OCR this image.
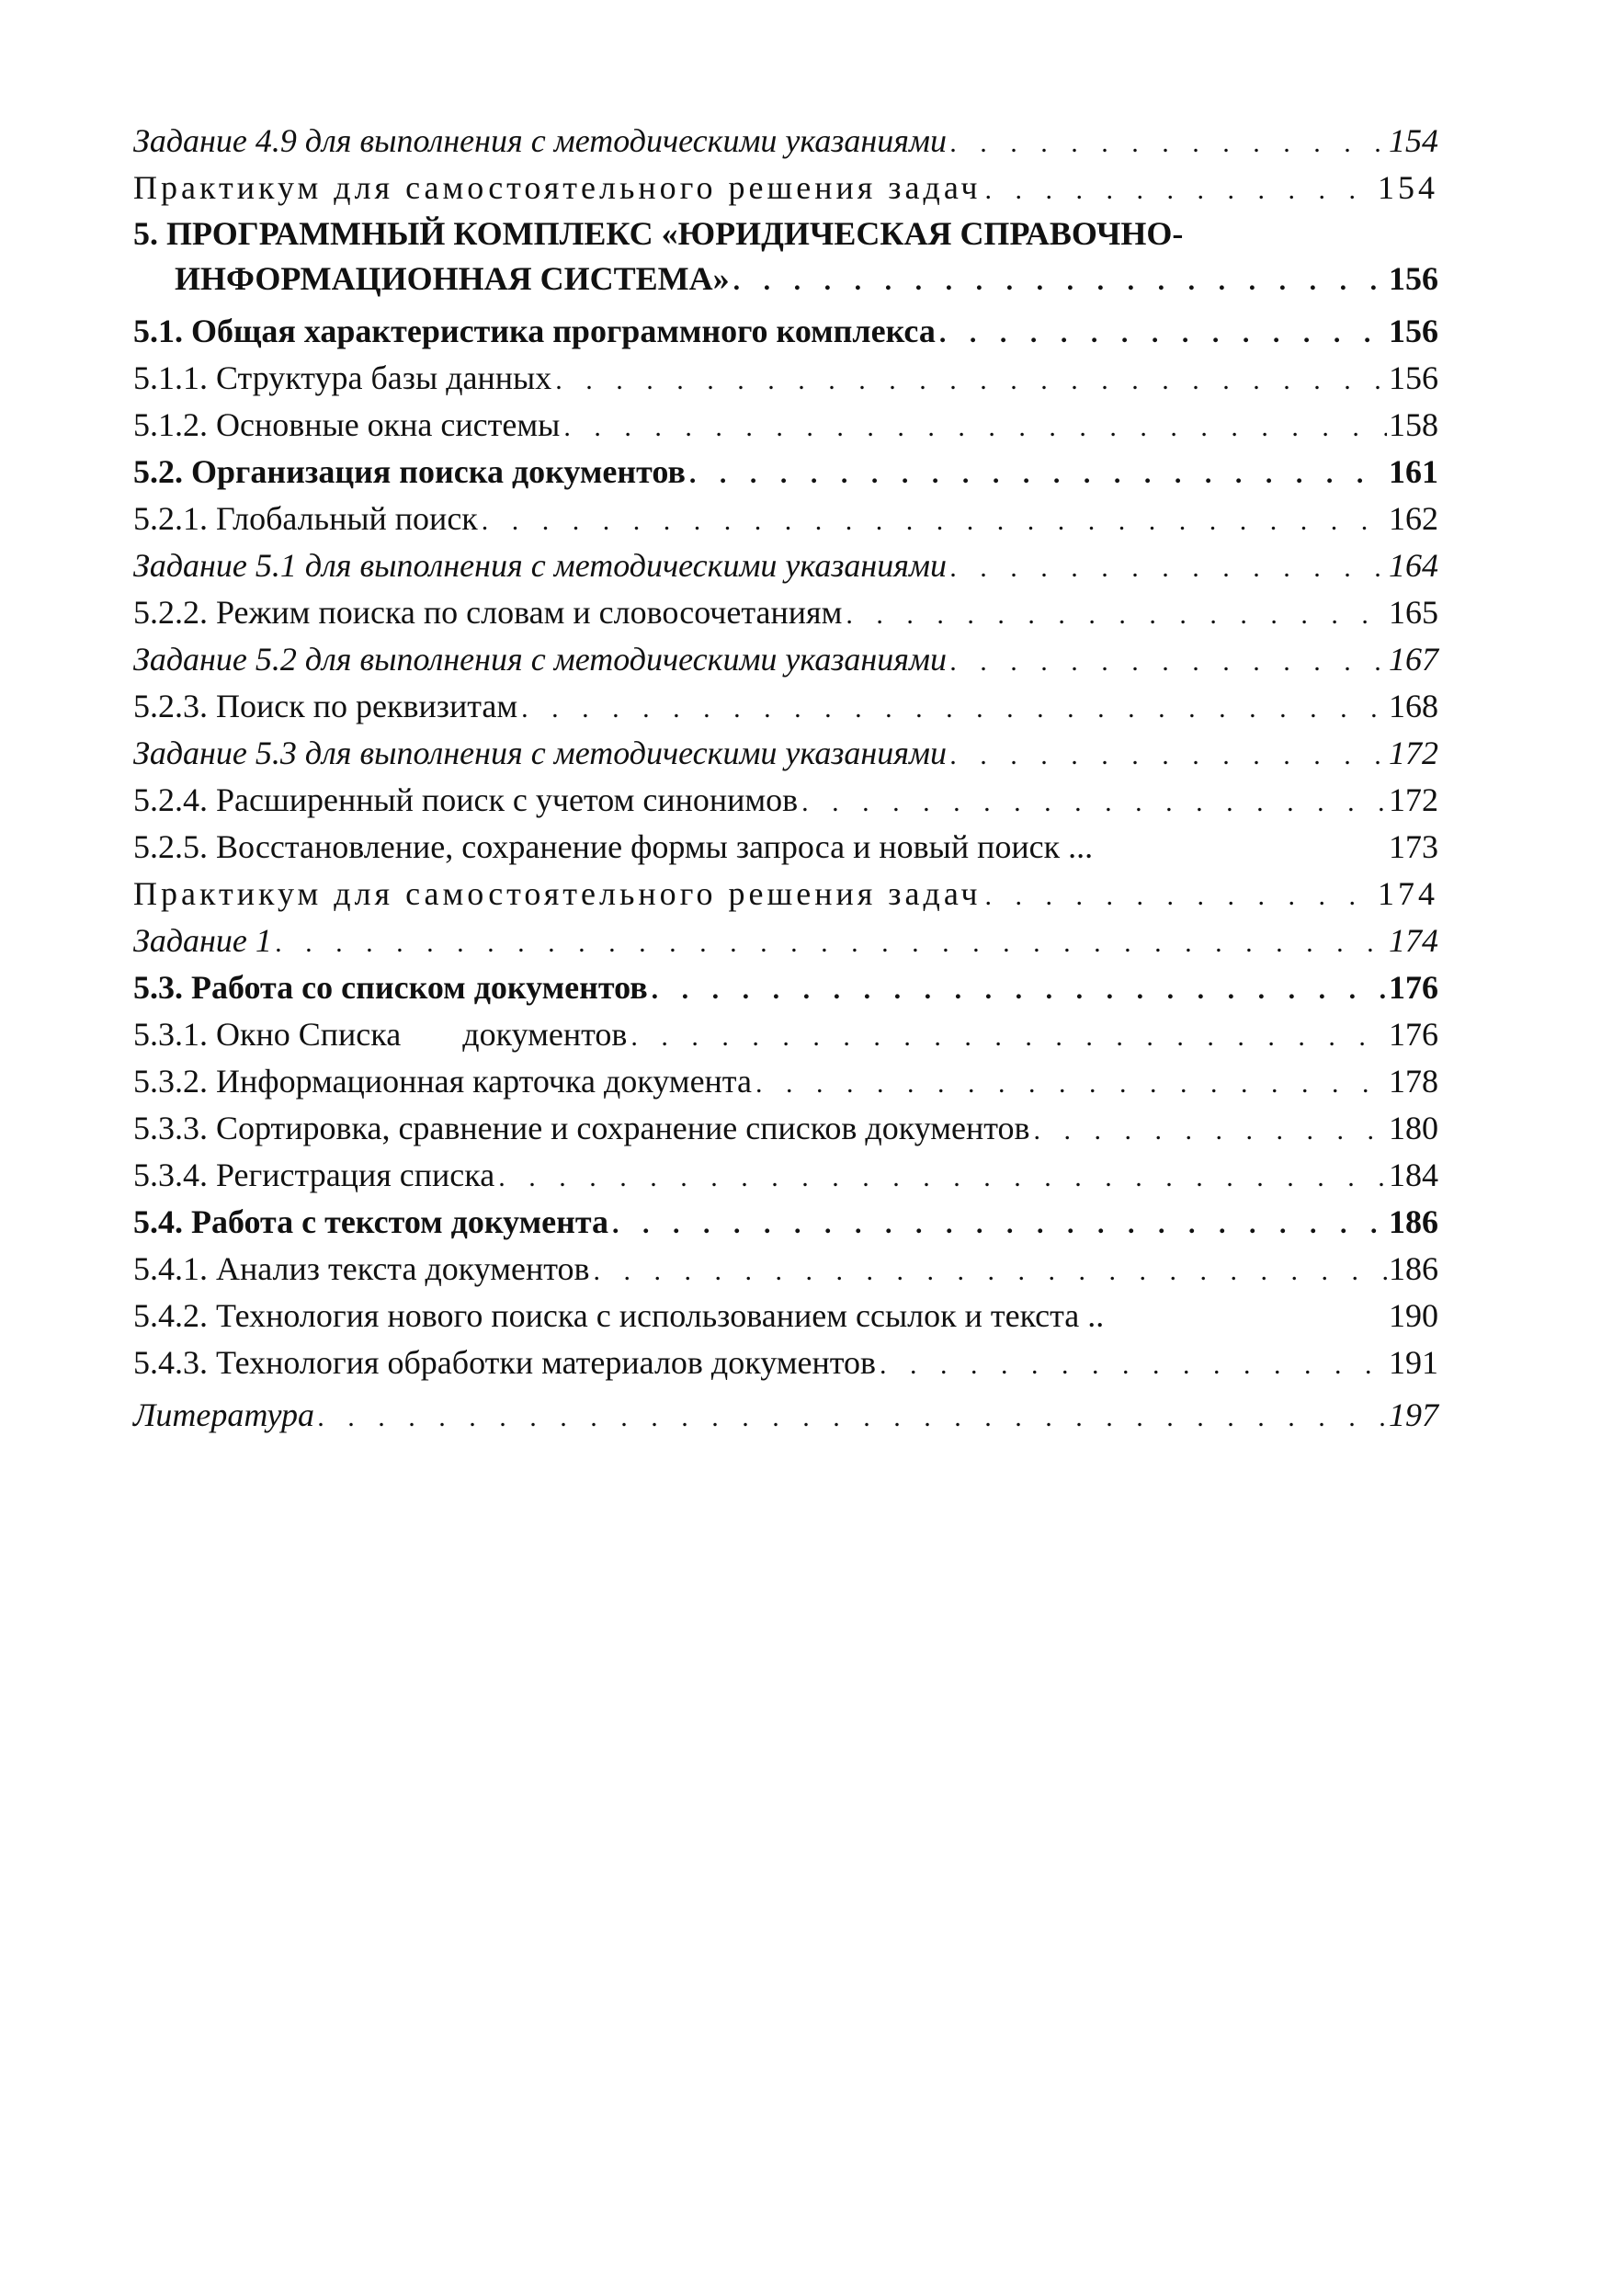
Задание 4.9 для выполнения с методическими указаниями . . .	154
Практикум для самостоятельного решения задач . . .	154
5. ПРОГРАММНЫЙ КОМПЛЕКС «ЮРИДИЧЕСКАЯ СПРАВОЧНО-
ИНФОРМАЦИОННАЯ СИСТЕМА» . . .	156
5.1. Общая характеристика программного комплекса . . .	156
5.1.1. Структура базы данных . . .	156
5.1.2. Основные окна системы . . .	158
5.2. Организация поиска документов . . .	161
5.2.1. Глобальный поиск . . .	162
Задание 5.1 для выполнения с методическими указаниями . . .	164
5.2.2. Режим поиска по словам и словосочетаниям . . .	165
Задание 5.2 для выполнения с методическими указаниями . . .	167
5.2.3. Поиск по реквизитам . . .	168
Задание 5.3 для выполнения с методическими указаниями . . .	172
5.2.4. Расширенный поиск с учетом синонимов . . .	172
5.2.5. Восстановление, сохранение формы запроса и новый поиск ...	173
Практикум для самостоятельного решения задач . . .	174
Задание 1 . . .	174
5.3. Работа со списком документов . . .	176
5.3.1. Окно Списка документов . . .	176
5.3.2. Информационная карточка документа . . .	178
5.3.3. Сортировка, сравнение и сохранение списков документов . . .	180
5.3.4. Регистрация списка . . .	184
5.4. Работа с текстом документа . . .	186
5.4.1. Анализ текста документов . . .	186
5.4.2. Технология нового поиска с использованием ссылок и текста ..	190
5.4.3. Технология обработки материалов документов . . .	191
Литература . . .	197
